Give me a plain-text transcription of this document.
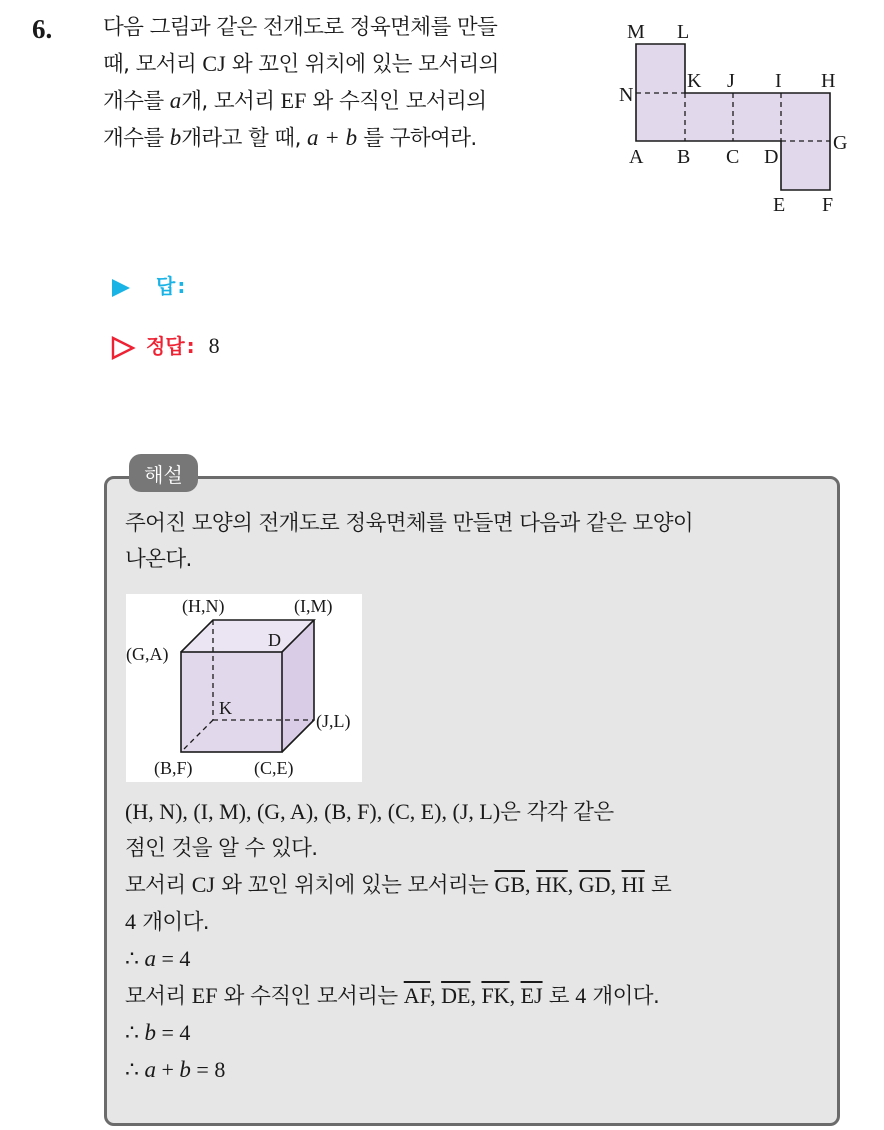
6. 다음 그림과 같은 전개도로 정육면체를 만들
때, 모서리 CJ 와 꼬인 위치에 있는 모서리의
개수를 a개, 모서리 EF 와 수직인 모서리의
개수를 b개라고 할 때, a + b 를 구하여라.
M L
N
K J I H
G
A B C D
E F
답 :
정답 : 8
해설
주어진 모양의 전개도로 정육면체를 만들면 다음과 같은 모양이
나온다.
(H,N)	(I,M)
(G,A)
D
K
(J,L)
(B,F)	(C,E)
(H, N), (I, M), (G, A), (B, F), (C, E), (J, L)은 각각 같은
점인 것을 알 수 있다.
모서리 CJ 와 꼬인 위치에 있는 모서리는 $\overline{GB}$, $\overline{HK}$, $\overline{GD}$, $\overline{HI}$ 로
4 개이다.
∴ a = 4
모서리 EF 와 수직인 모서리는 $\overline{AF}$, $\overline{DE}$, $\overline{FK}$, $\overline{EJ}$ 로 4 개이다.
∴ b = 4
∴ a + b = 8
